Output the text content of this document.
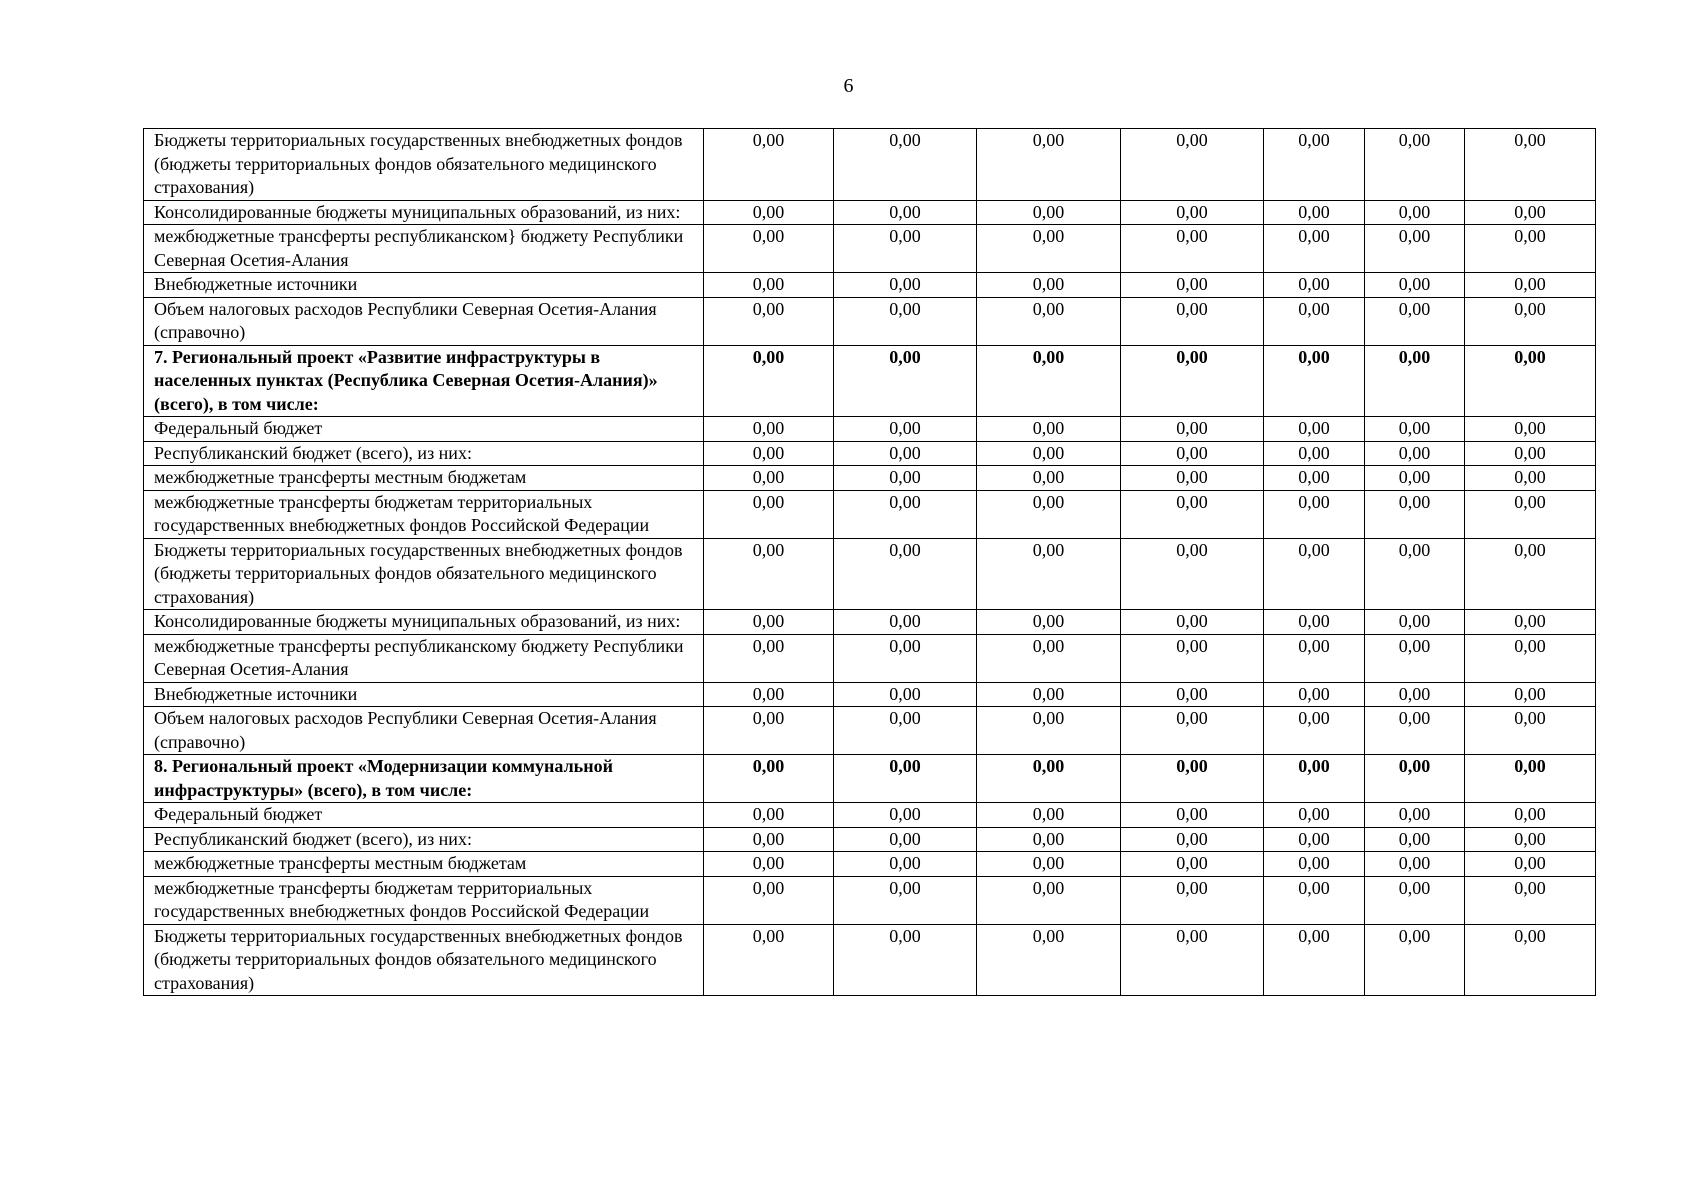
6
Бюджеты территориальных государственных внебюджетных фондов (бюджеты территориальных фондов обязательного медицинского страхования)	0,00	0,00	0,00	0,00	0,00	0,00	0,00
Консолидированные бюджеты муниципальных образований, из них:	0,00	0,00	0,00	0,00	0,00	0,00	0,00
межбюджетные трансферты республиканском} бюджету Республики Северная Осетия-Алания	0,00	0,00	0,00	0,00	0,00	0,00	0,00
Внебюджетные источники	0,00	0,00	0,00	0,00	0,00	0,00	0,00
Объем налоговых расходов Республики Северная Осетия-Алания (справочно)	0,00	0,00	0,00	0,00	0,00	0,00	0,00
7. Региональный проект «Развитие инфраструктуры в населенных пунктах (Республика Северная Осетия-Алания)» (всего), в том числе:	0,00	0,00	0,00	0,00	0,00	0,00	0,00
Федеральный бюджет	0,00	0,00	0,00	0,00	0,00	0,00	0,00
Республиканский бюджет (всего), из них:	0,00	0,00	0,00	0,00	0,00	0,00	0,00
межбюджетные трансферты местным бюджетам	0,00	0,00	0,00	0,00	0,00	0,00	0,00
межбюджетные трансферты бюджетам территориальных государственных внебюджетных фондов Российской Федерации	0,00	0,00	0,00	0,00	0,00	0,00	0,00
Бюджеты территориальных государственных внебюджетных фондов (бюджеты территориальных фондов обязательного медицинского страхования)	0,00	0,00	0,00	0,00	0,00	0,00	0,00
Консолидированные бюджеты муниципальных образований, из них:	0,00	0,00	0,00	0,00	0,00	0,00	0,00
межбюджетные трансферты республиканскому бюджету Республики Северная Осетия-Алания	0,00	0,00	0,00	0,00	0,00	0,00	0,00
Внебюджетные источники	0,00	0,00	0,00	0,00	0,00	0,00	0,00
Объем налоговых расходов Республики Северная Осетия-Алания (справочно)	0,00	0,00	0,00	0,00	0,00	0,00	0,00
8. Региональный проект «Модернизации коммунальной инфраструктуры» (всего), в том числе:	0,00	0,00	0,00	0,00	0,00	0,00	0,00
Федеральный бюджет	0,00	0,00	0,00	0,00	0,00	0,00	0,00
Республиканский бюджет (всего), из них:	0,00	0,00	0,00	0,00	0,00	0,00	0,00
межбюджетные трансферты местным бюджетам	0,00	0,00	0,00	0,00	0,00	0,00	0,00
межбюджетные трансферты бюджетам территориальных государственных внебюджетных фондов Российской Федерации	0,00	0,00	0,00	0,00	0,00	0,00	0,00
Бюджеты территориальных государственных внебюджетных фондов (бюджеты территориальных фондов обязательного медицинского страхования)	0,00	0,00	0,00	0,00	0,00	0,00	0,00
